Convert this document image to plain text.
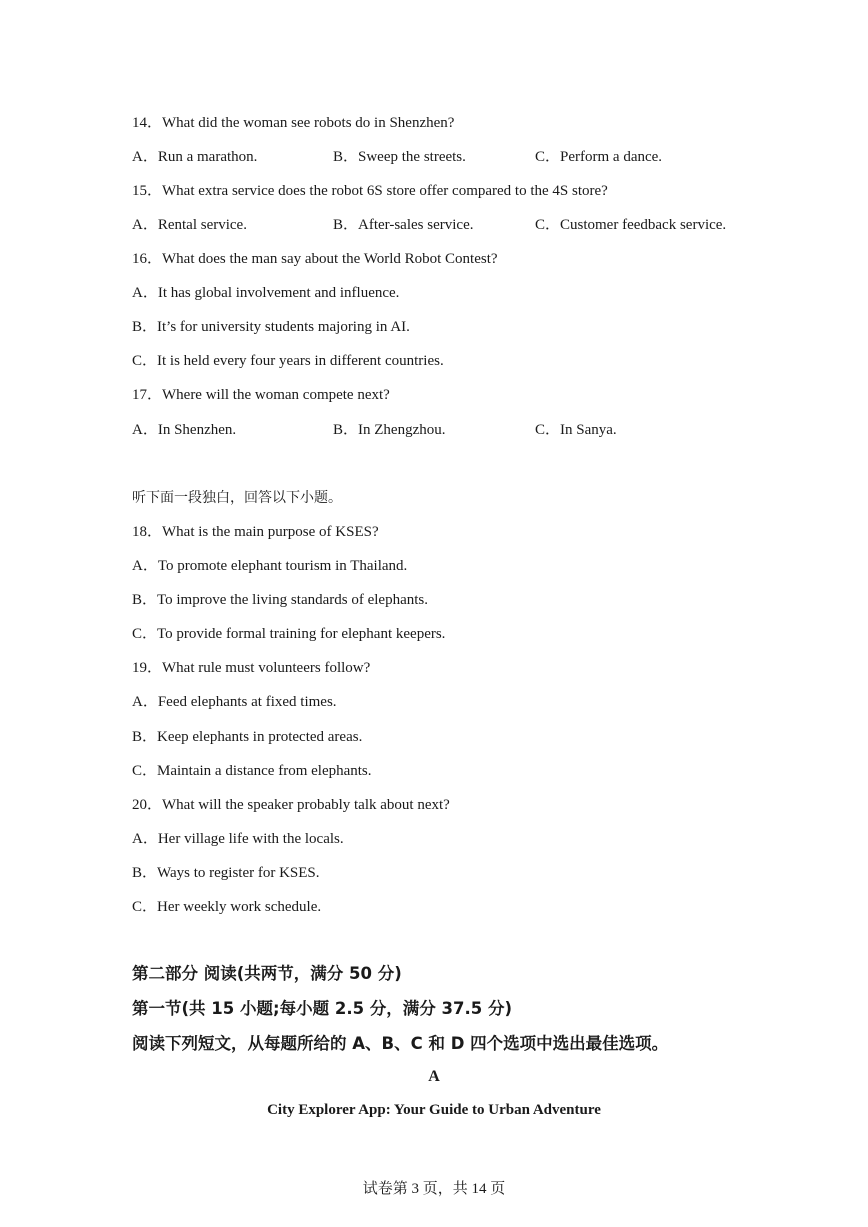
14．What did the woman see robots do in Shenzhen?
A．Run a marathon.	B．Sweep the streets.	C．Perform a dance.
15．What extra service does the robot 6S store offer compared to the 4S store?
A．Rental service.	B．After-sales service.	C．Customer feedback service.
16．What does the man say about the World Robot Contest?
A．It has global involvement and influence.
B．It’s for university students majoring in AI.
C．It is held every four years in different countries.
17．Where will the woman compete next?
A．In Shenzhen.	B．In Zhengzhou.	C．In Sanya.
听下面一段独白，回答以下小题。
18．What is the main purpose of KSES?
A．To promote elephant tourism in Thailand.
B．To improve the living standards of elephants.
C．To provide formal training for elephant keepers.
19．What rule must volunteers follow?
A．Feed elephants at fixed times.
B．Keep elephants in protected areas.
C．Maintain a distance from elephants.
20．What will the speaker probably talk about next?
A．Her village life with the locals.
B．Ways to register for KSES.
C．Her weekly work schedule.
第二部分 阅读(共两节，满分 50 分)
第一节(共 15 小题;每小题 2.5 分，满分 37.5 分)
阅读下列短文，从每题所给的 A、B、C 和 D 四个选项中选出最佳选项。
A
City Explorer App: Your Guide to Urban Adventure
试卷第 3 页，共 14 页
